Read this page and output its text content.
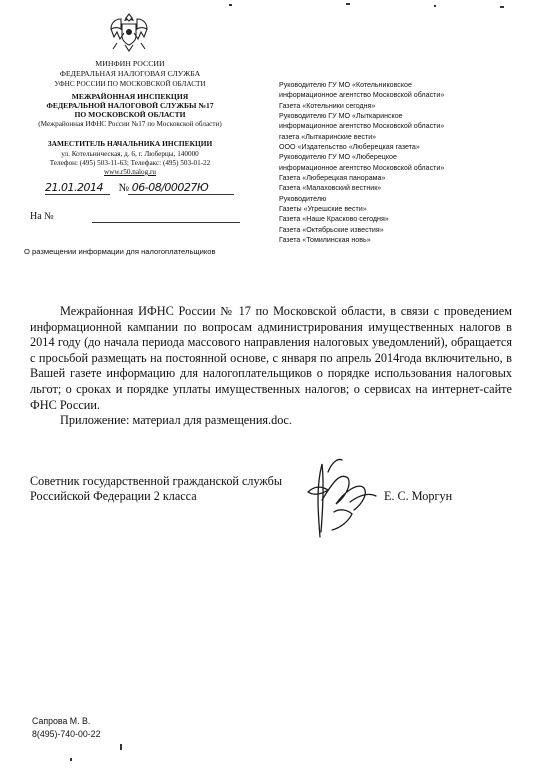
МИНФИН РОССИИ
ФЕДЕРАЛЬНАЯ НАЛОГОВАЯ СЛУЖБА
УФНС РОССИИ ПО МОСКОВСКОЙ ОБЛАСТИ
МЕЖРАЙОННАЯ ИНСПЕКЦИЯ
ФЕДЕРАЛЬНОЙ НАЛОГОВОЙ СЛУЖБЫ №17
ПО МОСКОВСКОЙ ОБЛАСТИ
(Межрайонная ИФНС России №17 по Московской области)
ЗАМЕСТИТЕЛЬ НАЧАЛЬНИКА ИНСПЕКЦИИ
ул. Котельническая, д. 6, г. Люберцы, 140000
Телефон: (495) 503-11-63; Телефакс: (495) 503-01-22
www.r50.nalog.ru
Руководителю ГУ МО «Котельниковское
информационное агентство Московской области»
Газета «Котельники сегодня»
Руководителю ГУ МО «Лыткаринское
информационное агентство Московской области»
газета «Лыткаринские вести»
ООО «Издательство «Люберецкая газета»
Руководителю ГУ МО «Люберецкое
информационное агентство Московской области»
Газета «Люберецкая панорама»
Газета «Малаховский вестник»
Руководителю
Газеты «Угрешские вести»
Газета «Наше Красково сегодня»
Газета «Октябрьские известия»
Газета «Томилинская новь»
21.01.2014 № 06-08/00027Ю
На №
О размещении информации для налогоплательщиков

Межрайонная ИФНС России № 17 по Московской области, в связи с проведением информационной кампании по вопросам администрирования имущественных налогов в 2014 году (до начала периода массового направления налоговых уведомлений), обращается с просьбой размещать на постоянной основе, с января по апрель 2014года включительно, в Вашей газете информацию для налогоплательщиков о порядке использования налоговых льгот; о сроках и порядке уплаты имущественных налогов; о сервисах на интернет-сайте ФНС России.

Приложение: материал для размещения.doc.

Советник государственной гражданской службы
Российской Федерации 2 класса	Е. С. Моргун
Сапрова М. В.
8(495)-740-00-22
